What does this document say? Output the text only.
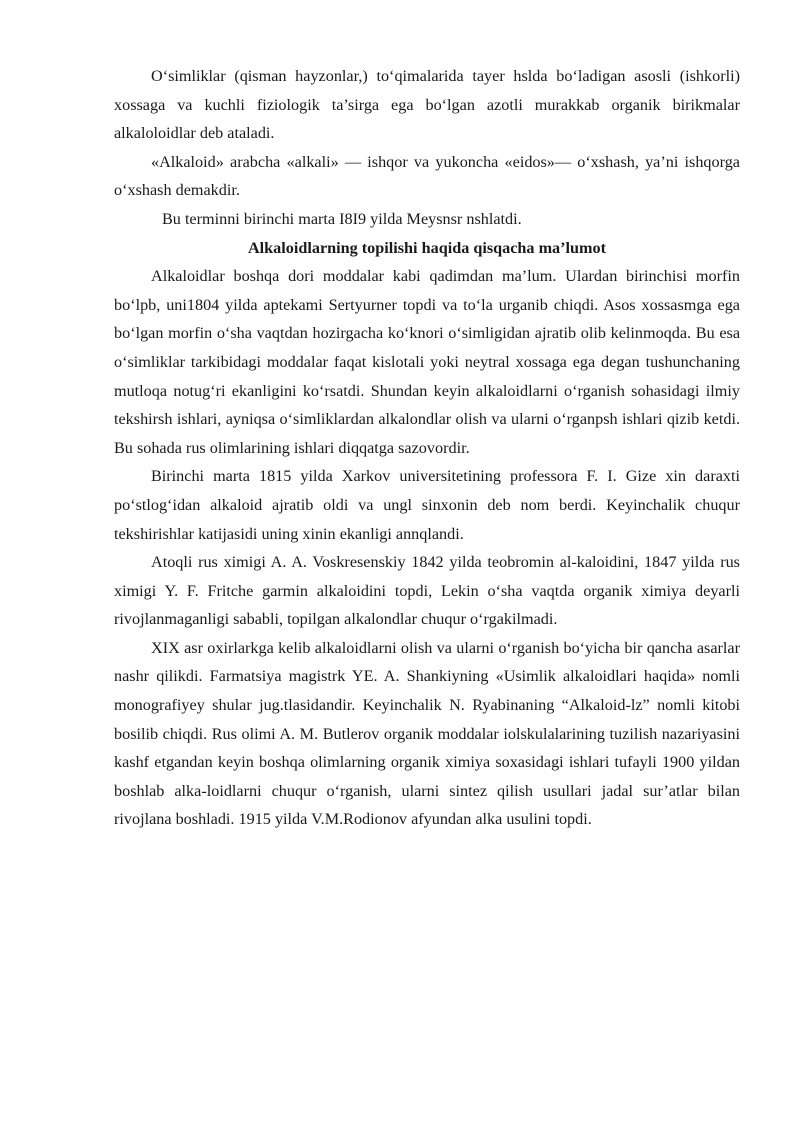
O‘simliklar (qisman hayzonlar,) to‘qimalarida tayer hslda bo‘ladigan asosli (ishkorli) xossaga va kuchli fiziologik ta’sirga ega bo‘lgan azotli murakkab organik birikmalar alkaloloidlar deb ataladi.

«Alkaloid» arabcha «alkali» — ishqor va yukoncha «eidos»— o‘xshash, ya’ni ishqorga o‘xshash demakdir.

Bu terminni birinchi marta I8I9 yilda Meysnsr nshlatdi.

Alkaloidlarning topilishi haqida qisqacha ma’lumot

Alkaloidlar boshqa dori moddalar kabi qadimdan ma’lum. Ulardan birinchisi morfin bo‘lpb, uni1804 yilda aptekami Sertyurner topdi va to‘la urganib chiqdi. Asos xossasmga ega bo‘lgan morfin o‘sha vaqtdan hozirgacha ko‘knori o‘simligidan ajratib olib kelinmoqda. Bu esa o‘simliklar tarkibidagi moddalar faqat kislotali yoki neytral xossaga ega degan tushunchaning mutloqa notug‘ri ekanligini ko‘rsatdi. Shundan keyin alkaloidlarni o‘rganish sohasidagi ilmiy tekshirsh ishlari, ayniqsa o‘simliklardan alkalondlar olish va ularni o‘rganpsh ishlari qizib ketdi. Bu sohada rus olimlarining ishlari diqqatga sazovordir.

Birinchi marta 1815 yilda Xarkov universitetining professora F. I. Gize xin daraxti po‘stlog‘idan alkaloid ajratib oldi va ungl sinxonin deb nom berdi. Keyinchalik chuqur tekshirishlar katijasidi uning xinin ekanligi annqlandi.

Atoqli rus ximigi A. A. Voskresenskiy 1842 yilda teobromin al-kaloidini, 1847 yilda rus ximigi Y. F. Fritche garmin alkaloidini topdi, Lekin o‘sha vaqtda organik ximiya deyarli rivojlanmaganligi sababli, topilgan alkalondlar chuqur o‘rgakilmadi.

XIX asr oxirlarkga kelib alkaloidlarni olish va ularni o‘rganish bo‘yicha bir qancha asarlar nashr qilikdi. Farmatsiya magistrk YE. A. Shankiyning «Usimlik alkaloidlari haqida» nomli monografiyey shular jug.tlasidandir. Keyinchalik N. Ryabinaning “Alkaloid-lz” nomli kitobi bosilib chiqdi. Rus olimi A. M. Butlerov organik moddalar iolskulalarining tuzilish nazariyasini kashf etgandan keyin boshqa olimlarning organik ximiya soxasidagi ishlari tufayli 1900 yildan boshlab alka-loidlarni chuqur o‘rganish, ularni sintez qilish usullari jadal sur’atlar bilan rivojlana boshladi. 1915 yilda V.M.Rodionov afyundan alka usulini topdi.
